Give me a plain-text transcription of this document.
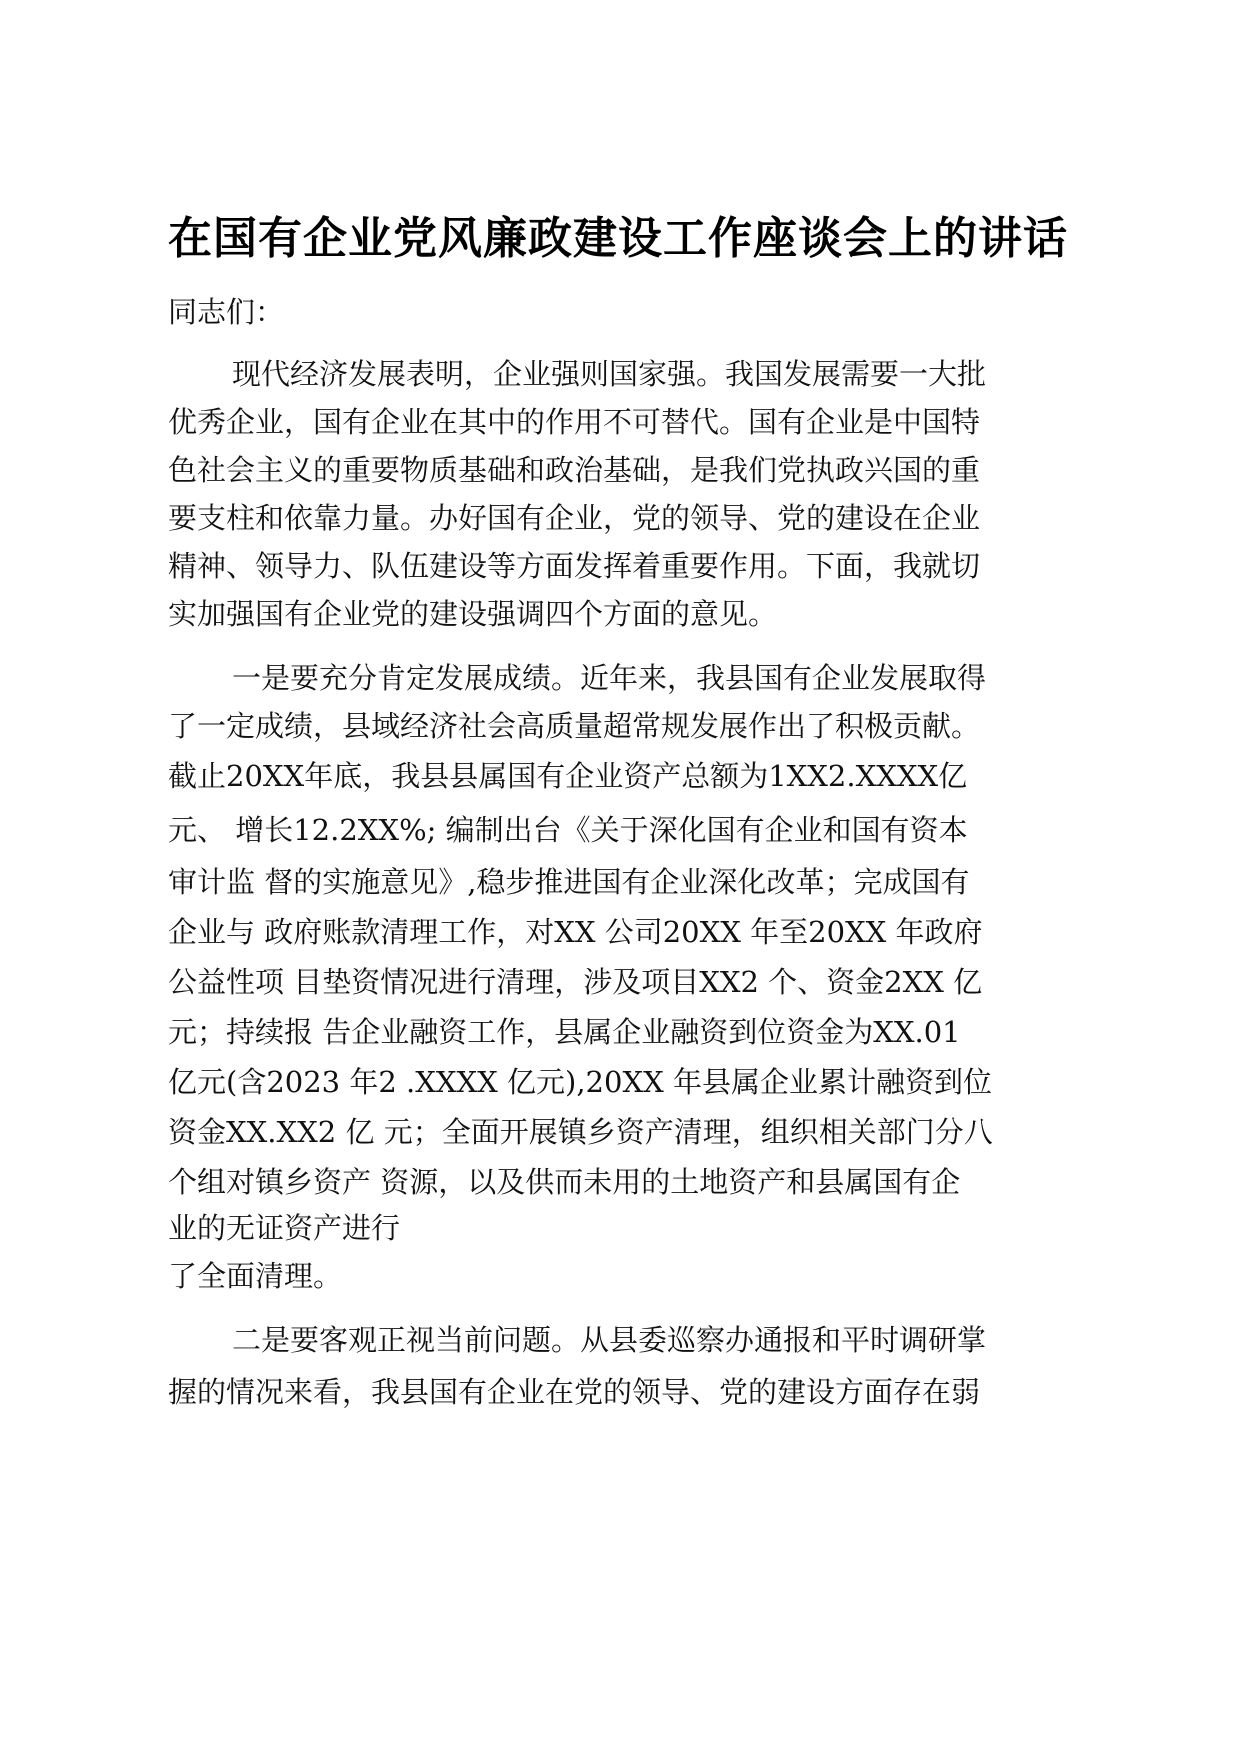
在国有企业党风廉政建设工作座谈会上的讲话
同志们：
现代经济发展表明，企业强则国家强。我国发展需要一大批
优秀企业，国有企业在其中的作用不可替代。国有企业是中国特
色社会主义的重要物质基础和政治基础，是我们党执政兴国的重
要支柱和依靠力量。办好国有企业，党的领导、党的建设在企业
精神、领导力、队伍建设等方面发挥着重要作用。下面，我就切
实加强国有企业党的建设强调四个方面的意见。
一是要充分肯定发展成绩。近年来，我县国有企业发展取得
了一定成绩，县域经济社会高质量超常规发展作出了积极贡献。
截止20XX年底，我县县属国有企业资产总额为1XX2.XXXX亿
元、 增长12.2XX%; 编制出台《关于深化国有企业和国有资本
审计监 督的实施意见》,稳步推进国有企业深化改革；完成国有
企业与 政府账款清理工作，对XX 公司20XX 年至20XX 年政府
公益性项 目垫资情况进行清理，涉及项目XX2 个、资金2XX 亿
元；持续报 告企业融资工作，县属企业融资到位资金为XX.01
亿元(含2023 年2 .XXXX 亿元),20XX 年县属企业累计融资到位
资金XX.XX2 亿 元；全面开展镇乡资产清理，组织相关部门分八
个组对镇乡资产 资源，以及供而未用的土地资产和县属国有企
业的无证资产进行
了全面清理。
二是要客观正视当前问题。从县委巡察办通报和平时调研掌
握的情况来看，我县国有企业在党的领导、党的建设方面存在弱
